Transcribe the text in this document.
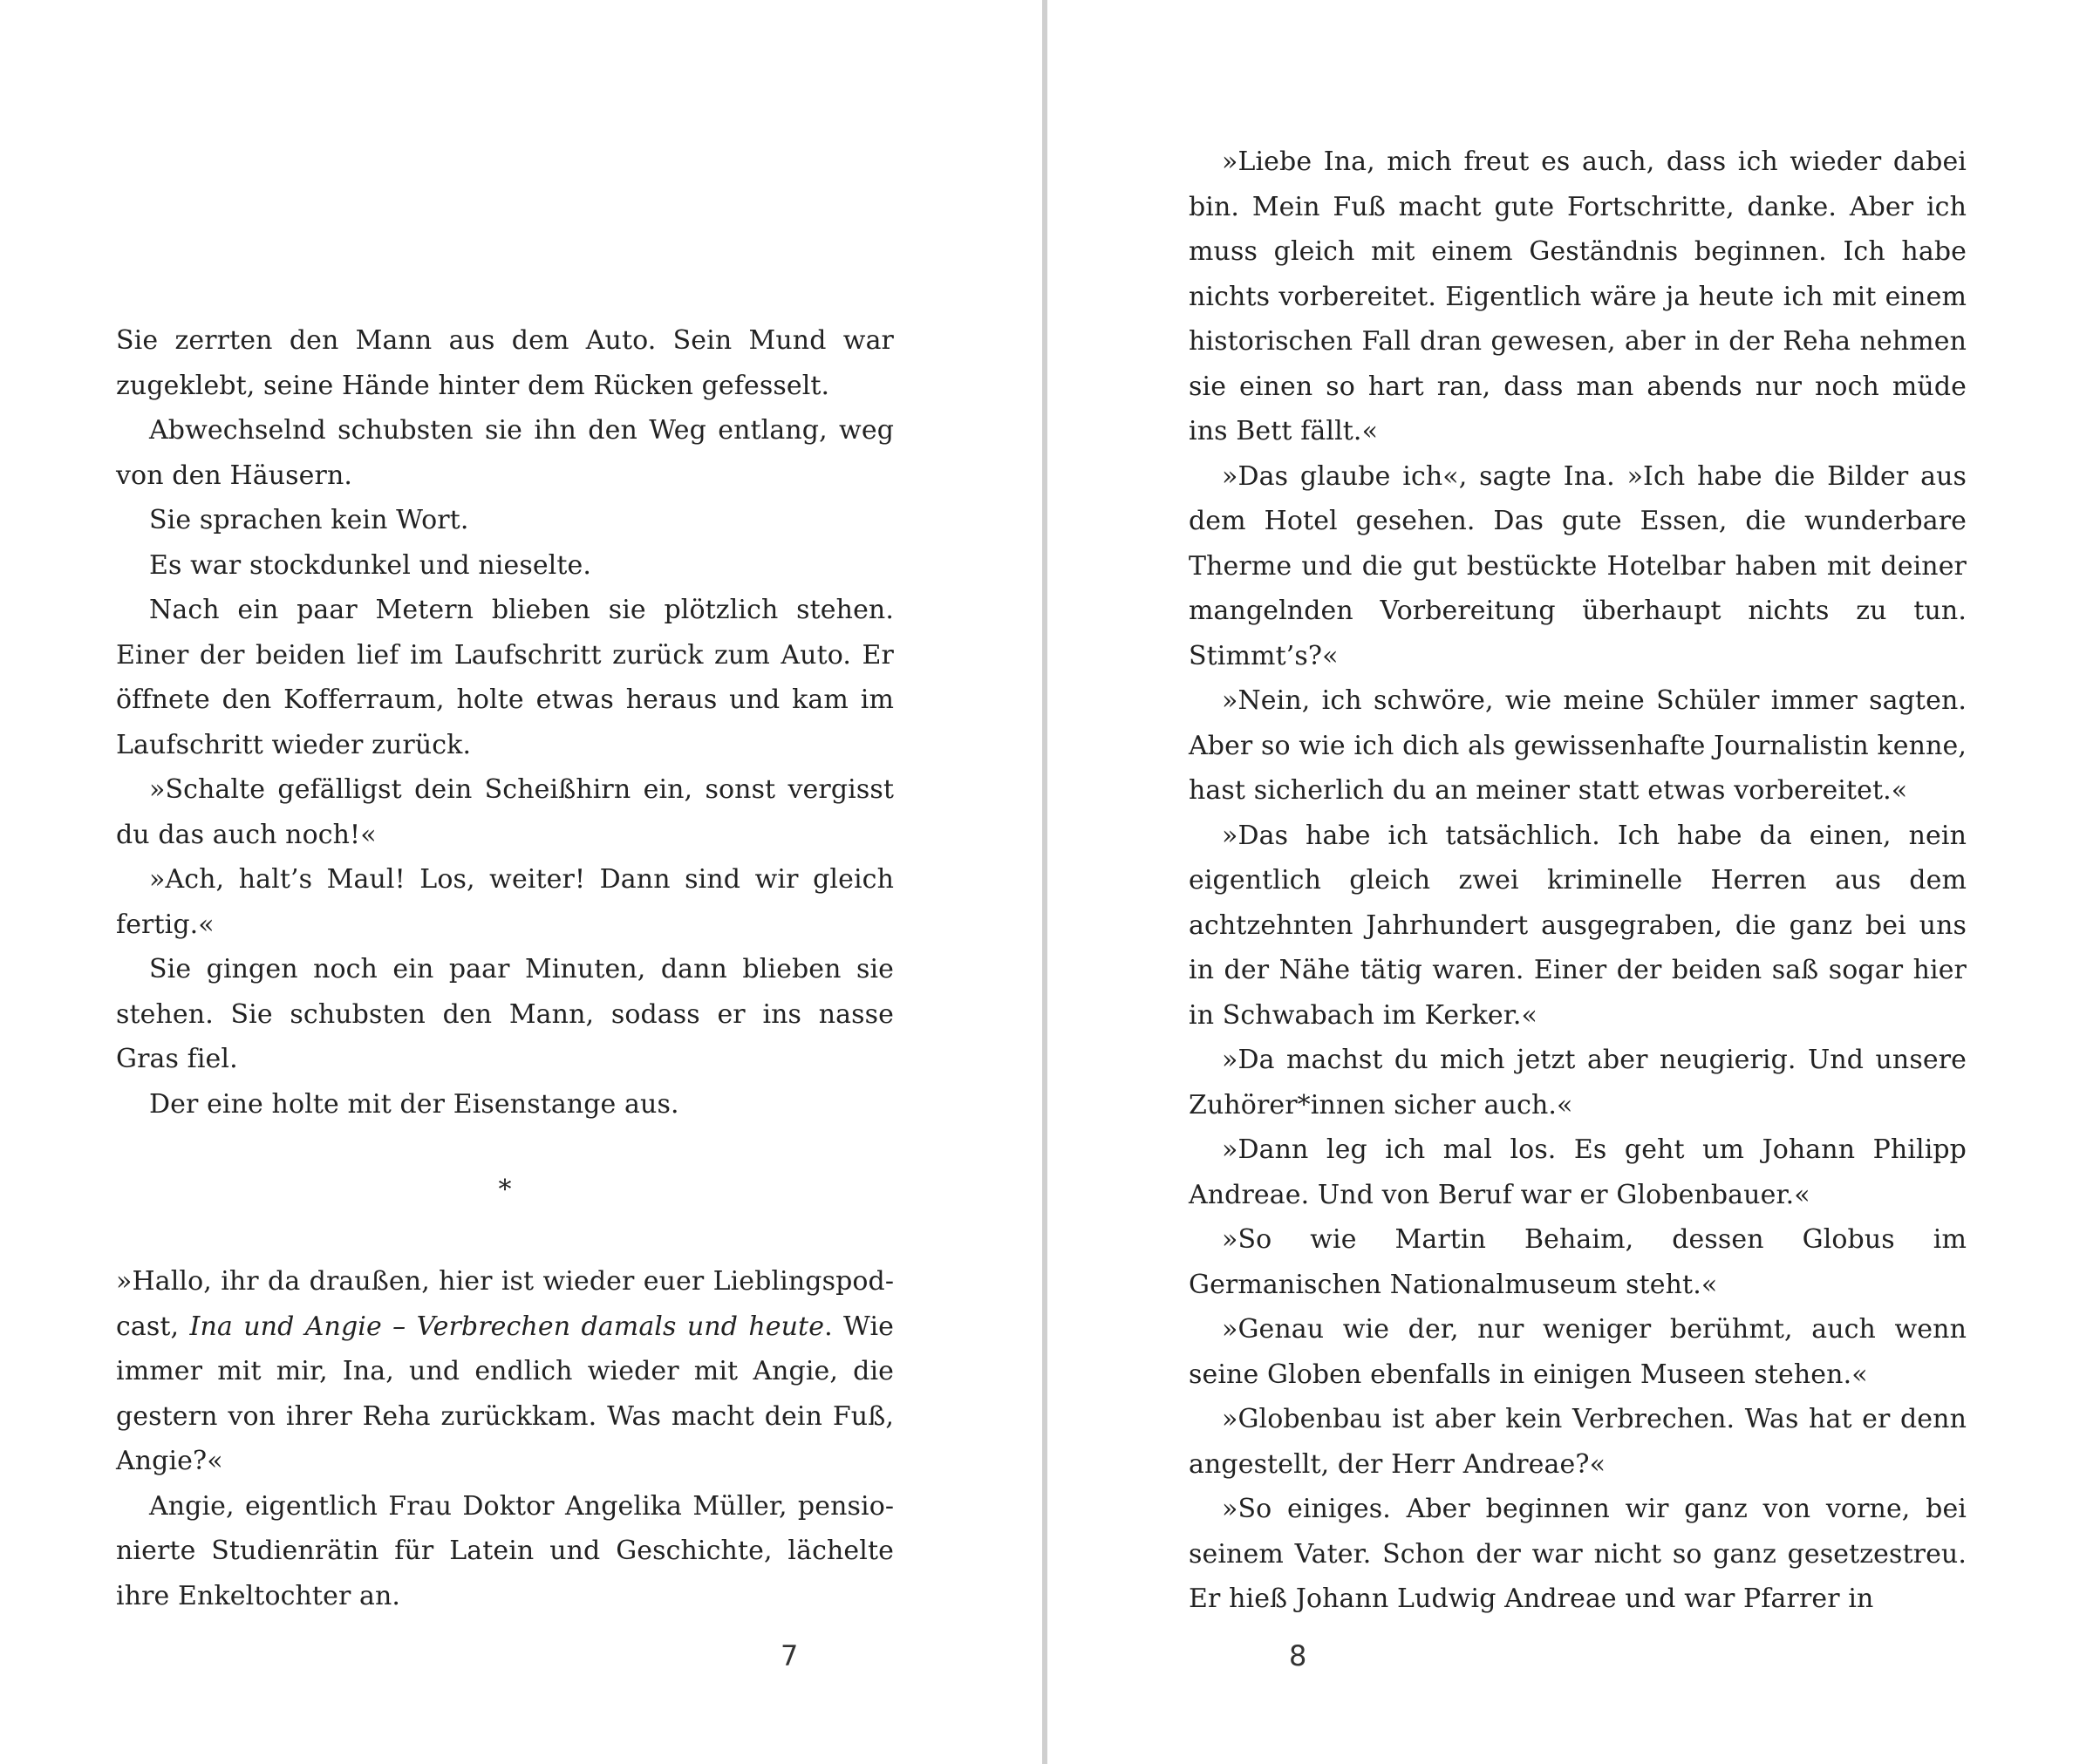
Sie zerrten den Mann aus dem Auto. Sein Mund war zugeklebt, seine Hände hinter dem Rücken gefesselt.

Abwechselnd schubsten sie ihn den Weg entlang, weg von den Häusern.

Sie sprachen kein Wort.

Es war stockdunkel und nieselte.

Nach ein paar Metern blieben sie plötzlich stehen. Einer der beiden lief im Laufschritt zurück zum Auto. Er öffnete den Kofferraum, holte etwas heraus und kam im Laufschritt wieder zurück.

»Schalte gefälligst dein Scheißhirn ein, sonst vergisst du das auch noch!«

»Ach, halt’s Maul! Los, weiter! Dann sind wir gleich fertig.«

Sie gingen noch ein paar Minuten, dann blieben sie stehen. Sie schubsten den Mann, sodass er ins nasse Gras fiel.

Der eine holte mit der Eisenstange aus.

*

»Hallo, ihr da draußen, hier ist wieder euer Lieblingspodcast, Ina und Angie – Verbrechen damals und heute. Wie immer mit mir, Ina, und endlich wieder mit Angie, die gestern von ihrer Reha zurückkam. Was macht dein Fuß, Angie?«

Angie, eigentlich Frau Doktor Angelika Müller, pensionierte Studienrätin für Latein und Geschichte, lächelte ihre Enkeltochter an.

7

»Liebe Ina, mich freut es auch, dass ich wieder dabei bin. Mein Fuß macht gute Fortschritte, danke. Aber ich muss gleich mit einem Geständnis beginnen. Ich habe nichts vorbereitet. Eigentlich wäre ja heute ich mit einem historischen Fall dran gewesen, aber in der Reha nehmen sie einen so hart ran, dass man abends nur noch müde ins Bett fällt.«

»Das glaube ich«, sagte Ina. »Ich habe die Bilder aus dem Hotel gesehen. Das gute Essen, die wunderbare Therme und die gut bestückte Hotelbar haben mit deiner mangelnden Vorbereitung überhaupt nichts zu tun. Stimmt’s?«

»Nein, ich schwöre, wie meine Schüler immer sagten. Aber so wie ich dich als gewissenhafte Journalistin kenne, hast sicherlich du an meiner statt etwas vorbereitet.«

»Das habe ich tatsächlich. Ich habe da einen, nein eigentlich gleich zwei kriminelle Herren aus dem achtzehnten Jahrhundert ausgegraben, die ganz bei uns in der Nähe tätig waren. Einer der beiden saß sogar hier in Schwabach im Kerker.«

»Da machst du mich jetzt aber neugierig. Und unsere Zuhörer*innen sicher auch.«

»Dann leg ich mal los. Es geht um Johann Philipp Andreae. Und von Beruf war er Globenbauer.«

»So wie Martin Behaim, dessen Globus im Germanischen Nationalmuseum steht.«

»Genau wie der, nur weniger berühmt, auch wenn seine Globen ebenfalls in einigen Museen stehen.«

»Globenbau ist aber kein Verbrechen. Was hat er denn angestellt, der Herr Andreae?«

»So einiges. Aber beginnen wir ganz von vorne, bei seinem Vater. Schon der war nicht so ganz gesetzestreu. Er hieß Johann Ludwig Andreae und war Pfarrer in

8
